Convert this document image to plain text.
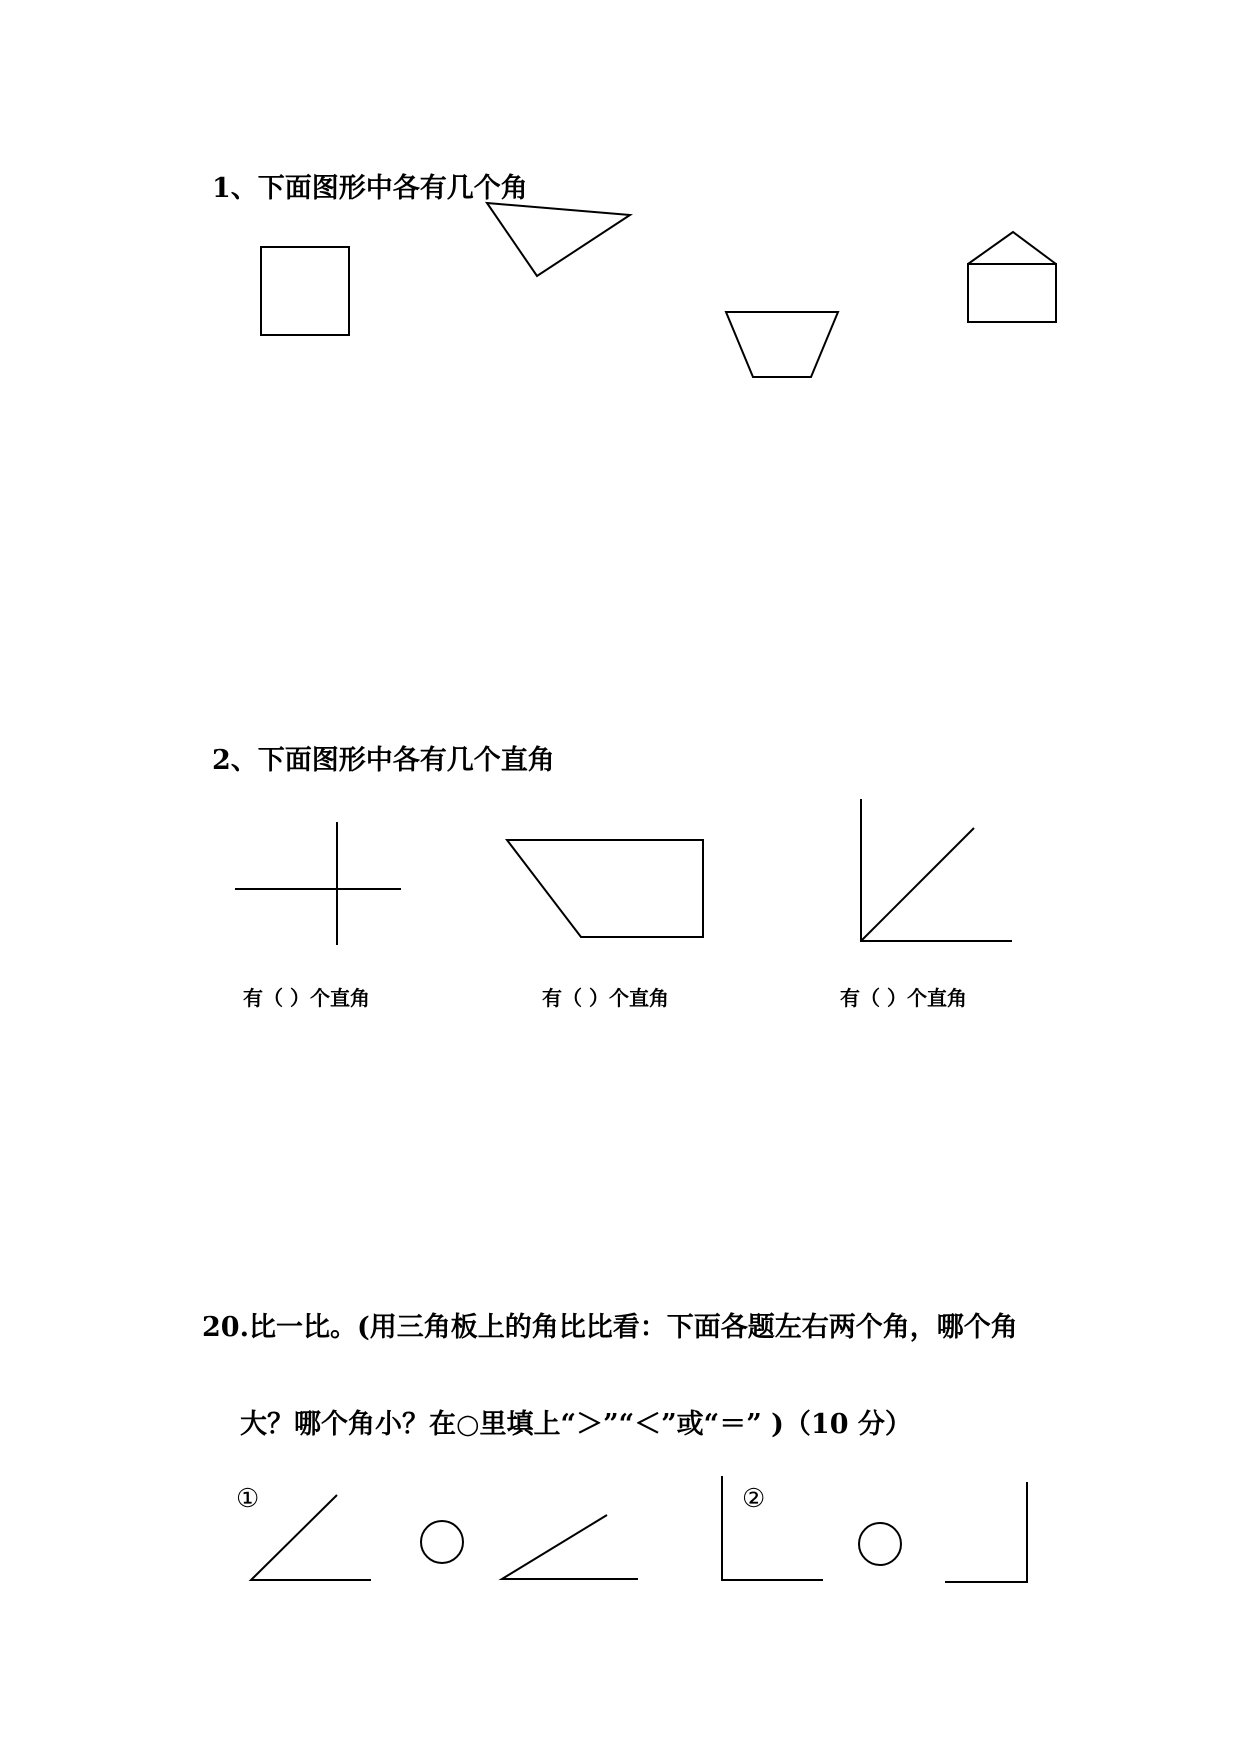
1、下面图形中各有几个角
2、下面图形中各有几个直角
有（ ）个直角	有（ ）个直角	有（ ）个直角
20.比一比。(用三角板上的角比比看：下面各题左右两个角，哪个角
大？哪个角小？在○里填上“＞”“＜”或“＝” )（10 分）
①	②
